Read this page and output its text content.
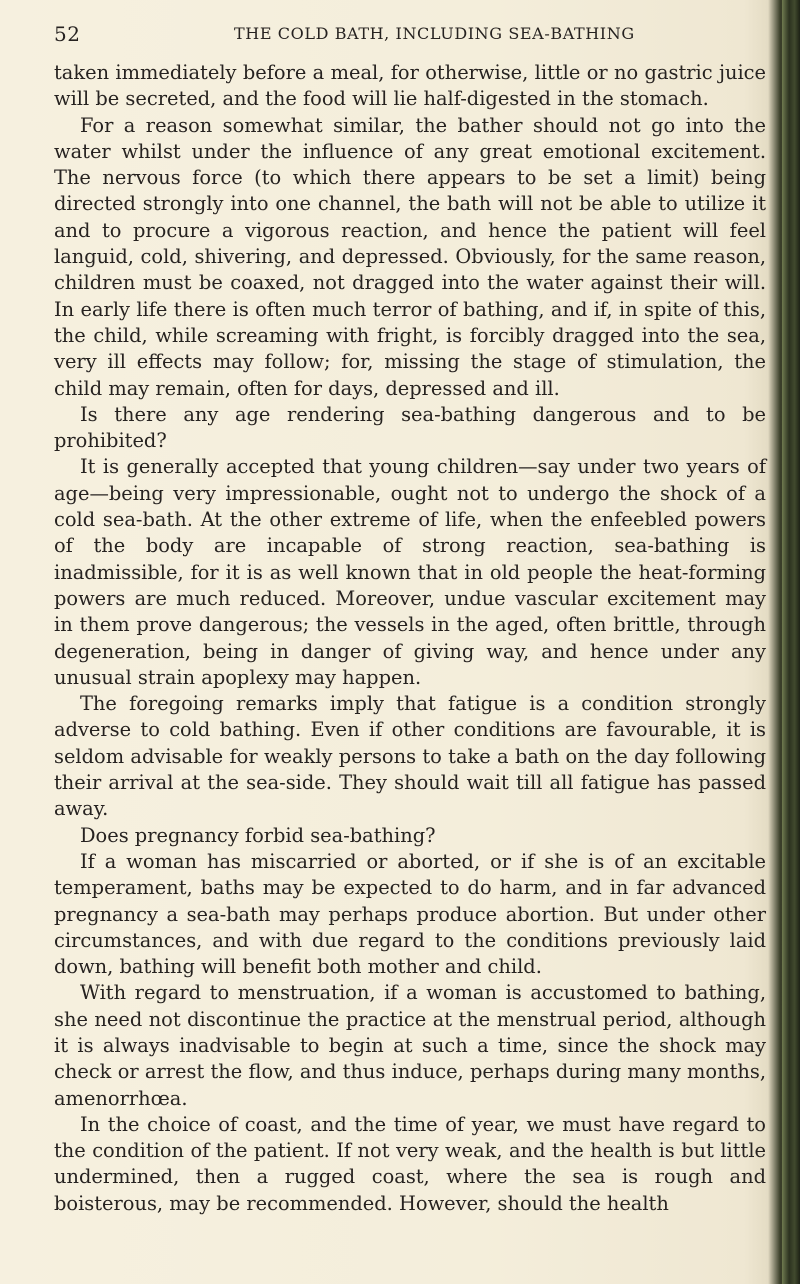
52	THE COLD BATH, INCLUDING SEA-BATHING

taken immediately before a meal, for otherwise, little or no gastric juice will be secreted, and the food will lie half-digested in the stomach.

For a reason somewhat similar, the bather should not go into the water whilst under the influence of any great emotional excitement. The nervous force (to which there appears to be set a limit) being directed strongly into one channel, the bath will not be able to utilize it and to procure a vigorous reaction, and hence the patient will feel languid, cold, shivering, and depressed. Obviously, for the same reason, children must be coaxed, not dragged into the water against their will. In early life there is often much terror of bathing, and if, in spite of this, the child, while screaming with fright, is forcibly dragged into the sea, very ill effects may follow; for, missing the stage of stimulation, the child may remain, often for days, depressed and ill.

Is there any age rendering sea-bathing dangerous and to be prohibited?

It is generally accepted that young children—say under two years of age—being very impressionable, ought not to undergo the shock of a cold sea-bath. At the other extreme of life, when the enfeebled powers of the body are incapable of strong reaction, sea-bathing is inadmissible, for it is as well known that in old people the heat-forming powers are much reduced. Moreover, undue vascular excitement may in them prove dangerous; the vessels in the aged, often brittle, through degeneration, being in danger of giving way, and hence under any unusual strain apoplexy may happen.

The foregoing remarks imply that fatigue is a condition strongly adverse to cold bathing. Even if other conditions are favourable, it is seldom advisable for weakly persons to take a bath on the day following their arrival at the sea-side. They should wait till all fatigue has passed away.

Does pregnancy forbid sea-bathing?

If a woman has miscarried or aborted, or if she is of an excitable temperament, baths may be expected to do harm, and in far advanced pregnancy a sea-bath may perhaps produce abortion. But under other circumstances, and with due regard to the conditions previously laid down, bathing will benefit both mother and child.

With regard to menstruation, if a woman is accustomed to bathing, she need not discontinue the practice at the menstrual period, although it is always inadvisable to begin at such a time, since the shock may check or arrest the flow, and thus induce, perhaps during many months, amenorrhœa.

In the choice of coast, and the time of year, we must have regard to the condition of the patient. If not very weak, and the health is but little undermined, then a rugged coast, where the sea is rough and boisterous, may be recommended. However, should the health
